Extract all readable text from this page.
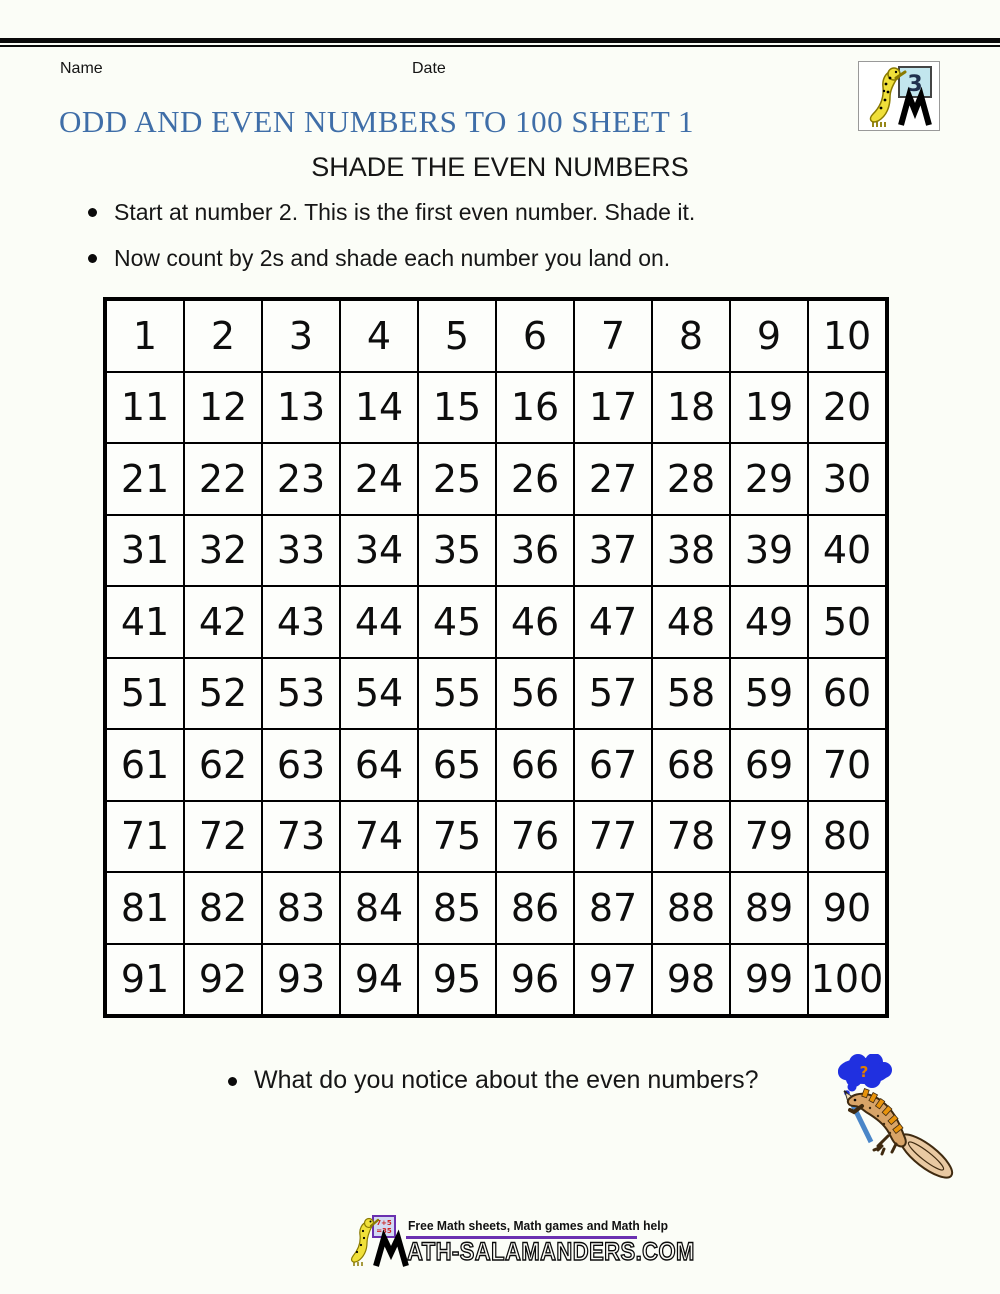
Name	Date
3
ODD AND EVEN NUMBERS TO 100 SHEET 1
SHADE THE EVEN NUMBERS
Start at number 2. This is the first even number. Shade it.
Now count by 2s and shade each number you land on.
1	2	3	4	5	6	7	8	9	10
11 12 13 14 15 16 17 18 19 20
21 22 23 24 25 26 27 28 29 30
31 32 33 34 35 36 37 38 39 40
41 42 43 44 45 46 47 48 49 50
51 52 53 54 55 56 57 58 59 60
61 62 63 64 65 66 67 68 69 70
71 72 73 74 75 76 77 78 79 80
81 82 83 84 85 86 87 88 89 90
91 92 93 94 95 96 97 98 99 100
What do you notice about the even numbers?	?
7+5
=35 Free Math sheets, Math games and Math help
ATH-SALAMANDERS.COM
